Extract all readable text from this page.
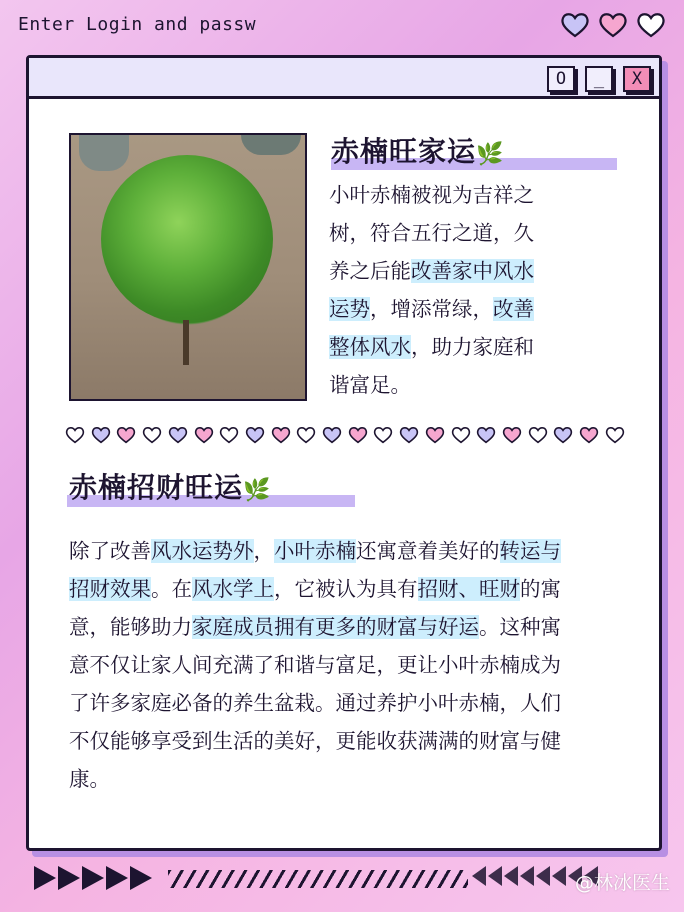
Enter Login and passw
O	_	X
赤楠旺家运🌿
小叶赤楠被视为吉祥之
树，符合五行之道，久
养之后能改善家中风水
运势，增添常绿，改善
整体风水，助力家庭和
谐富足。
赤楠招财旺运🌿
除了改善风水运势外，小叶赤楠还寓意着美好的转运与
招财效果。在风水学上，它被认为具有招财、旺财的寓
意，能够助力家庭成员拥有更多的财富与好运。这种寓
意不仅让家人间充满了和谐与富足，更让小叶赤楠成为
了许多家庭必备的养生盆栽。通过养护小叶赤楠，人们
不仅能够享受到生活的美好，更能收获满满的财富与健
康。
@林冰医生
